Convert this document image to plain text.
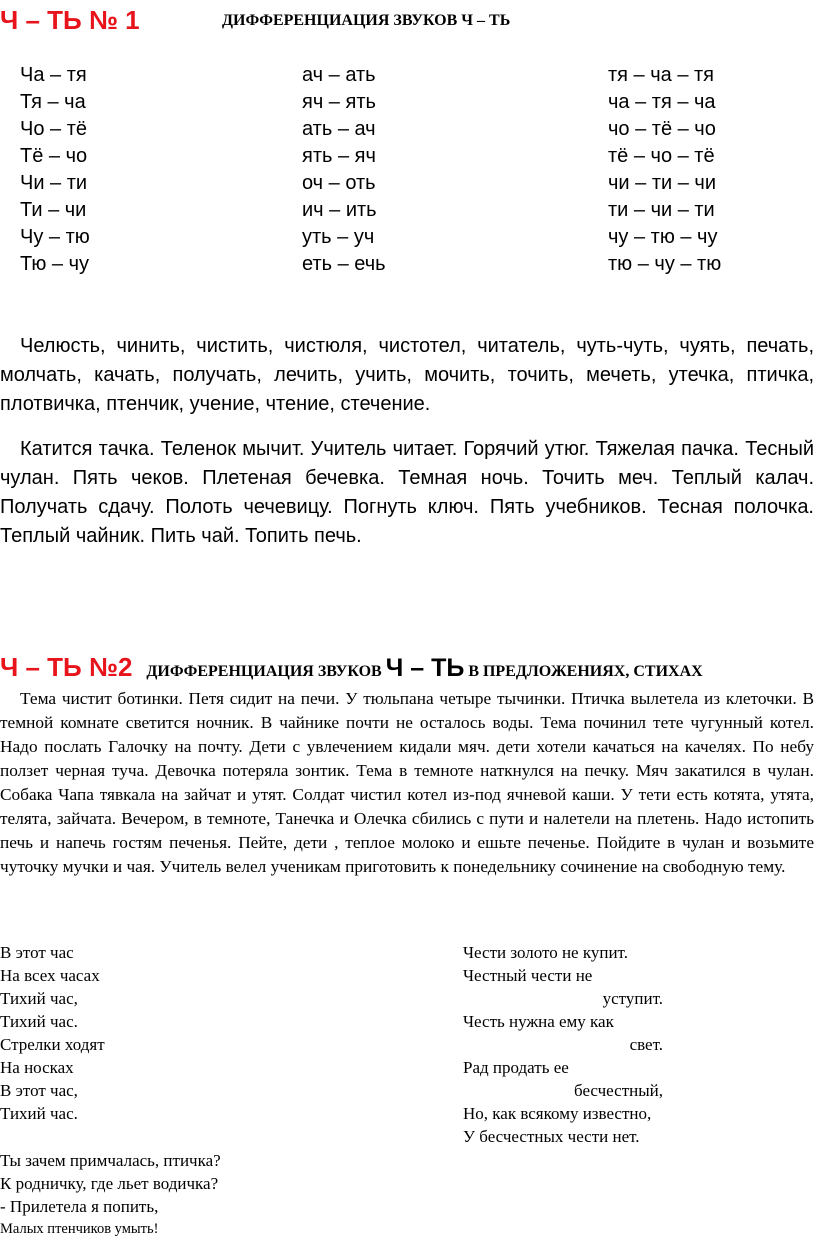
Ч – ТЬ № 1	ДИФФЕРЕНЦИАЦИЯ ЗВУКОВ Ч – ТЬ
Ча – тя
Тя – ча
Чо – тё
Тё – чо
Чи – ти
Ти – чи
Чу – тю
Тю – чу
ач – ать
яч – ять
ать – ач
ять – яч
оч – оть
ич – ить
уть – уч
еть – ечь
тя – ча – тя
ча – тя – ча
чо – тё – чо
тё – чо – тё
чи – ти – чи
ти – чи – ти
чу – тю – чу
тю – чу – тю
Челюсть, чинить, чистить, чистюля, чистотел, читатель, чуть-чуть, чуять, печать, молчать, качать, получать, лечить, учить, мочить, точить, мечеть, утечка, птичка, плотвичка, птенчик, учение, чтение, стечение.
Катится тачка. Теленок мычит. Учитель читает. Горячий утюг. Тяжелая пачка. Тесный чулан. Пять чеков. Плетеная бечевка. Темная ночь. Точить меч. Теплый калач. Получать сдачу. Полоть чечевицу. Погнуть ключ. Пять учебников. Тесная полочка. Теплый чайник. Пить чай. Топить печь.
Ч – ТЬ №2 ДИФФЕРЕНЦИАЦИЯ ЗВУКОВ Ч – ТЬ В ПРЕДЛОЖЕНИЯХ, СТИХАХ
Тема чистит ботинки. Петя сидит на печи. У тюльпана четыре тычинки. Птичка вылетела из клеточки. В темной комнате светится ночник. В чайнике почти не осталось воды. Тема починил тете чугунный котел. Надо послать Галочку на почту. Дети с увлечением кидали мяч. дети хотели качаться на качелях. По небу ползет черная туча. Девочка потеряла зонтик. Тема в темноте наткнулся на печку. Мяч закатился в чулан. Собака Чапа тявкала на зайчат и утят. Солдат чистил котел из-под ячневой каши. У тети есть котята, утята, телята, зайчата. Вечером, в темноте, Танечка и Олечка сбились с пути и налетели на плетень. Надо истопить печь и напечь гостям печенья. Пейте, дети , теплое молоко и ешьте печенье. Пойдите в чулан и возьмите чуточку мучки и чая. Учитель велел ученикам приготовить к понедельнику сочинение на свободную тему.
В этот час
На всех часах
Тихий час,
Тихий час.
Стрелки ходят
На носках
В этот час,
Тихий час.
Чести золото не купит.
Честный чести не
уступит.
Честь нужна ему как
свет.
Рад продать ее
бесчестный,
Но, как всякому известно,
У бесчестных чести нет.
Ты зачем примчалась, птичка?
К родничку, где льет водичка?
- Прилетела я попить,
Малых птенчиков умыть!
